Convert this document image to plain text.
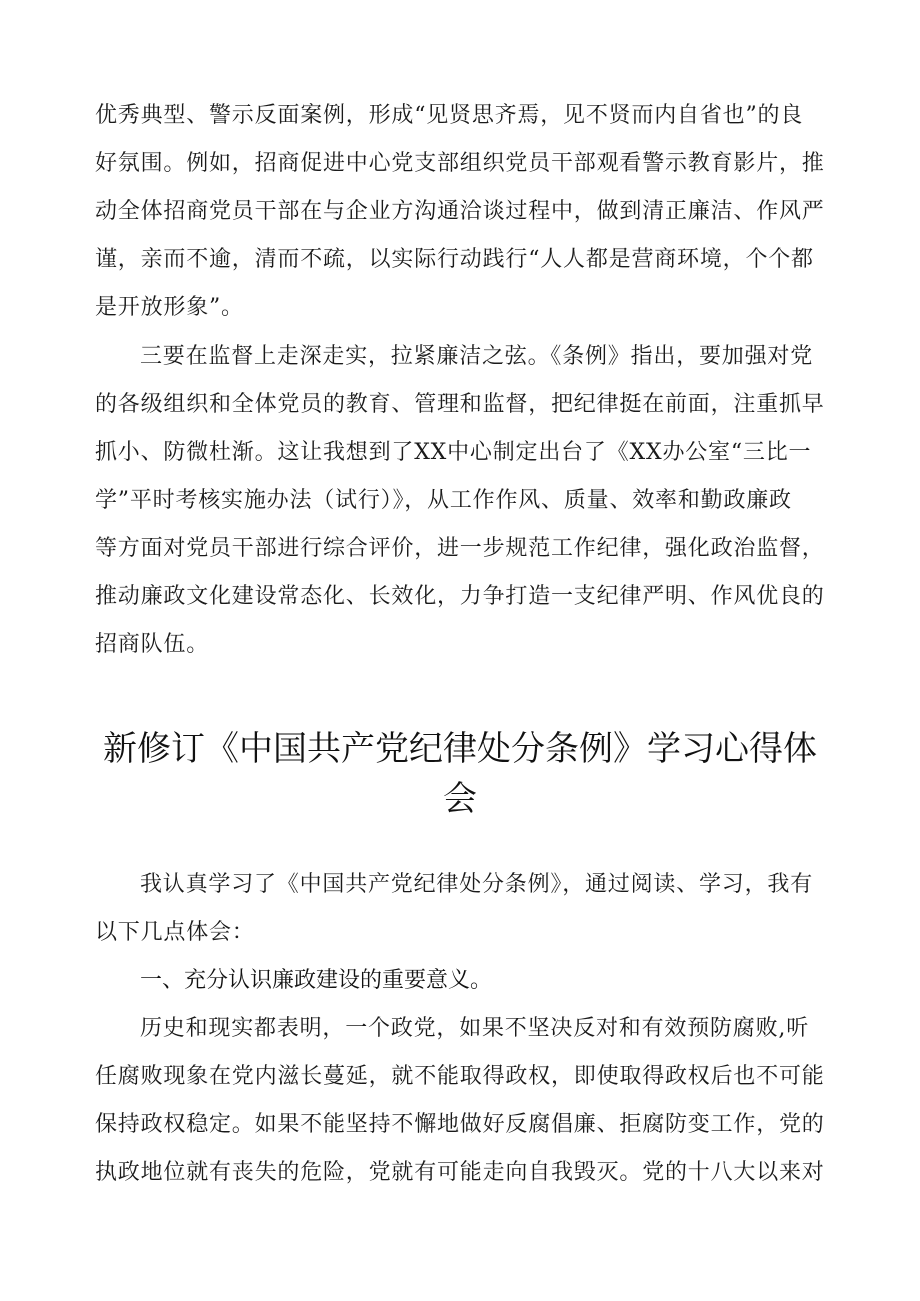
优秀典型、警示反面案例，形成“见贤思齐焉，见不贤而内自省也”的良
好氛围。例如，招商促进中心党支部组织党员干部观看警示教育影片，推
动全体招商党员干部在与企业方沟通洽谈过程中，做到清正廉洁、作风严
谨，亲而不逾，清而不疏，以实际行动践行“人人都是营商环境，个个都
是开放形象”。
三要在监督上走深走实，拉紧廉洁之弦。《条例》指出，要加强对党
的各级组织和全体党员的教育、管理和监督，把纪律挺在前面，注重抓早
抓小、防微杜渐。这让我想到了XX中心制定出台了《XX办公室“三比一
学”平时考核实施办法（试行）》，从工作作风、质量、效率和勤政廉政
等方面对党员干部进行综合评价，进一步规范工作纪律，强化政治监督，
推动廉政文化建设常态化、长效化，力争打造一支纪律严明、作风优良的
招商队伍。
新修订《中国共产党纪律处分条例》学习心得体
会
我认真学习了《中国共产党纪律处分条例》，通过阅读、学习，我有
以下几点体会：
一、充分认识廉政建设的重要意义。
历史和现实都表明，一个政党，如果不坚决反对和有效预防腐败,听
任腐败现象在党内滋长蔓延，就不能取得政权，即使取得政权后也不可能
保持政权稳定。如果不能坚持不懈地做好反腐倡廉、拒腐防变工作，党的
执政地位就有丧失的危险，党就有可能走向自我毁灭。党的十八大以来对
